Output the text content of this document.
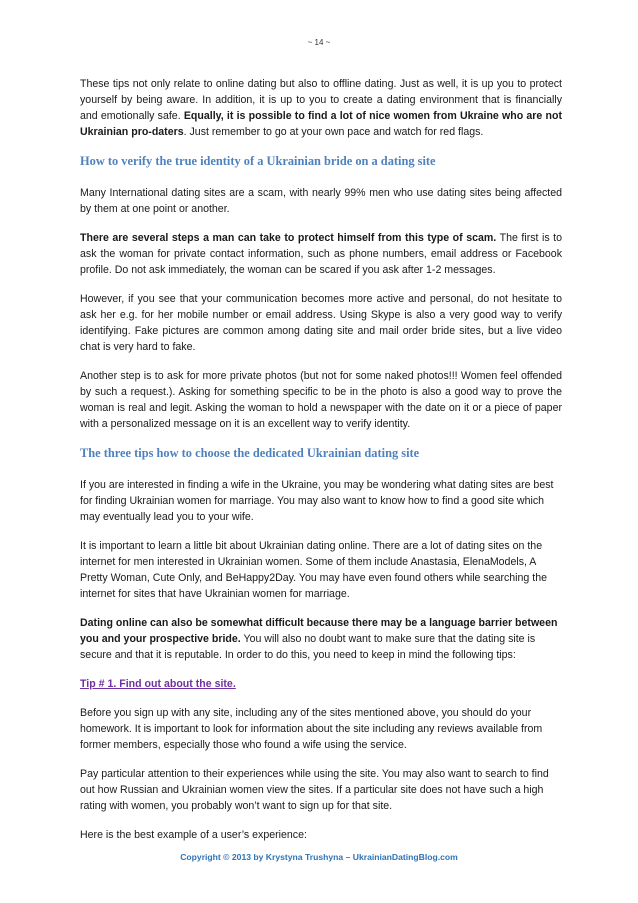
~ 14 ~

These tips not only relate to online dating but also to offline dating. Just as well, it is up you to protect yourself by being aware. In addition, it is up to you to create a dating environment that is financially and emotionally safe. Equally, it is possible to find a lot of nice women from Ukraine who are not Ukrainian pro-daters. Just remember to go at your own pace and watch for red flags.

How to verify the true identity of a Ukrainian bride on a dating site

Many International dating sites are a scam, with nearly 99% men who use dating sites being affected by them at one point or another.

There are several steps a man can take to protect himself from this type of scam. The first is to ask the woman for private contact information, such as phone numbers, email address or Facebook profile. Do not ask immediately, the woman can be scared if you ask after 1-2 messages.

However, if you see that your communication becomes more active and personal, do not hesitate to ask her e.g. for her mobile number or email address. Using Skype is also a very good way to verify identifying. Fake pictures are common among dating site and mail order bride sites, but a live video chat is very hard to fake.

Another step is to ask for more private photos (but not for some naked photos!!! Women feel offended by such a request.). Asking for something specific to be in the photo is also a good way to prove the woman is real and legit. Asking the woman to hold a newspaper with the date on it or a piece of paper with a personalized message on it is an excellent way to verify identity.

The three tips how to choose the dedicated Ukrainian dating site

If you are interested in finding a wife in the Ukraine, you may be wondering what dating sites are best for finding Ukrainian women for marriage. You may also want to know how to find a good site which may eventually lead you to your wife.

It is important to learn a little bit about Ukrainian dating online. There are a lot of dating sites on the internet for men interested in Ukrainian women. Some of them include Anastasia, ElenaModels, A Pretty Woman, Cute Only, and BeHappy2Day. You may have even found others while searching the internet for sites that have Ukrainian women for marriage.

Dating online can also be somewhat difficult because there may be a language barrier between you and your prospective bride. You will also no doubt want to make sure that the dating site is secure and that it is reputable. In order to do this, you need to keep in mind the following tips:

Tip # 1. Find out about the site.

Before you sign up with any site, including any of the sites mentioned above, you should do your homework. It is important to look for information about the site including any reviews available from former members, especially those who found a wife using the service.

Pay particular attention to their experiences while using the site. You may also want to search to find out how Russian and Ukrainian women view the sites. If a particular site does not have such a high rating with women, you probably won’t want to sign up for that site.

Here is the best example of a user’s experience:

Copyright © 2013 by Krystyna Trushyna – UkrainianDatingBlog.com
